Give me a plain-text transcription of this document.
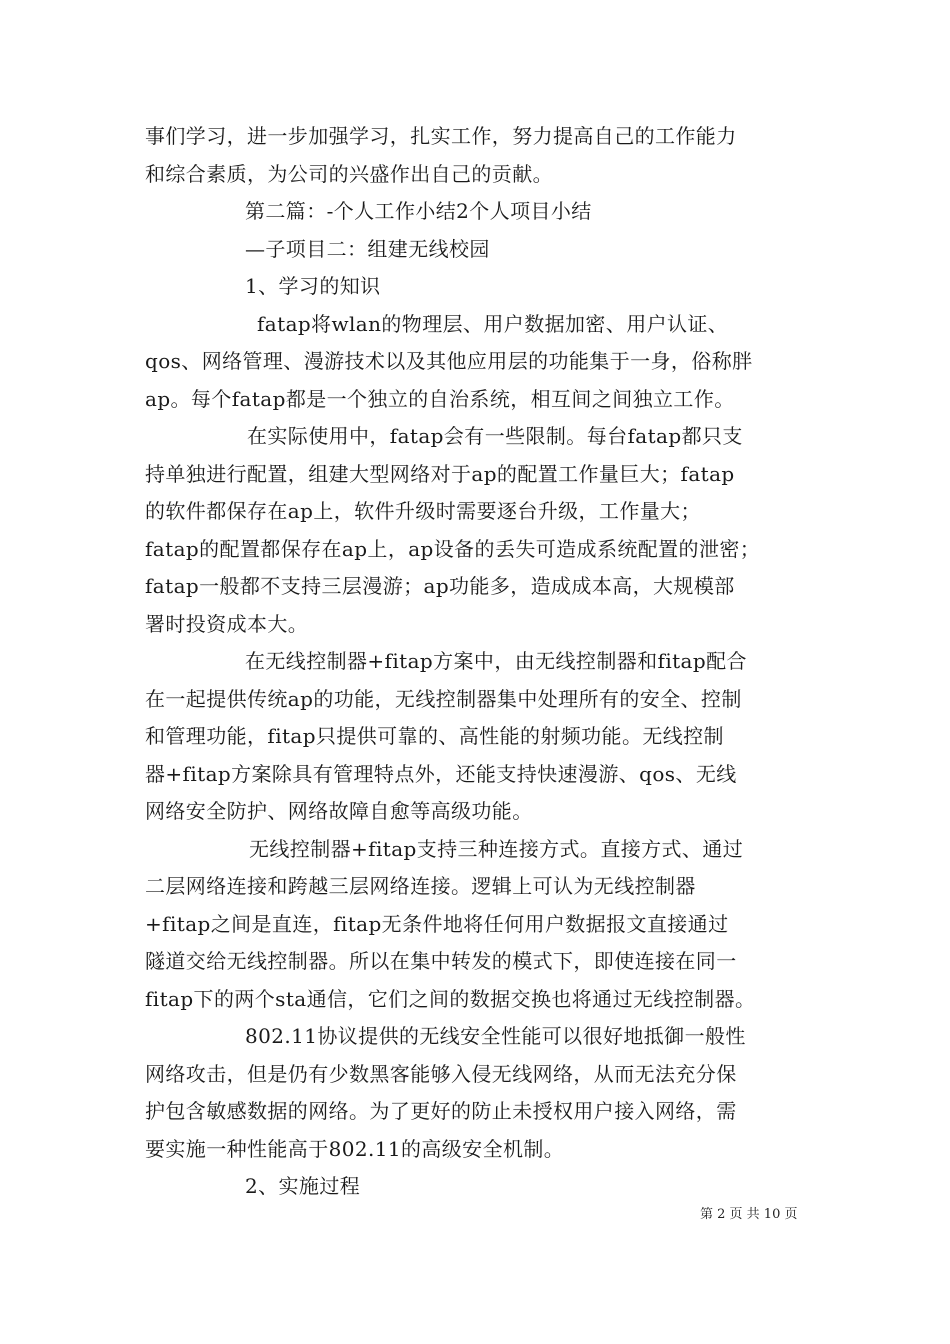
事们学习，进一步加强学习，扎实工作，努力提高自己的工作能力
和综合素质，为公司的兴盛作出自己的贡献。

第二篇：-个人工作小结2个人项目小结

—子项目二：组建无线校园

1、学习的知识

fatap将wlan的物理层、用户数据加密、用户认证、
qos、网络管理、漫游技术以及其他应用层的功能集于一身，俗称胖
ap。每个fatap都是一个独立的自治系统，相互间之间独立工作。

在实际使用中，fatap会有一些限制。每台fatap都只支
持单独进行配置，组建大型网络对于ap的配置工作量巨大；fatap
的软件都保存在ap上，软件升级时需要逐台升级，工作量大；
fatap的配置都保存在ap上，ap设备的丢失可造成系统配置的泄密；
fatap一般都不支持三层漫游；ap功能多，造成成本高，大规模部
署时投资成本大。

在无线控制器+fitap方案中，由无线控制器和fitap配合
在一起提供传统ap的功能，无线控制器集中处理所有的安全、控制
和管理功能，fitap只提供可靠的、高性能的射频功能。无线控制
器+fitap方案除具有管理特点外，还能支持快速漫游、qos、无线
网络安全防护、网络故障自愈等高级功能。

无线控制器+fitap支持三种连接方式。直接方式、通过
二层网络连接和跨越三层网络连接。逻辑上可认为无线控制器
+fitap之间是直连，fitap无条件地将任何用户数据报文直接通过
隧道交给无线控制器。所以在集中转发的模式下，即使连接在同一
fitap下的两个sta通信，它们之间的数据交换也将通过无线控制器。

802.11协议提供的无线安全性能可以很好地抵御一般性
网络攻击，但是仍有少数黑客能够入侵无线网络，从而无法充分保
护包含敏感数据的网络。为了更好的防止未授权用户接入网络，需
要实施一种性能高于802.11的高级安全机制。

2、实施过程

第 2 页 共 10 页
